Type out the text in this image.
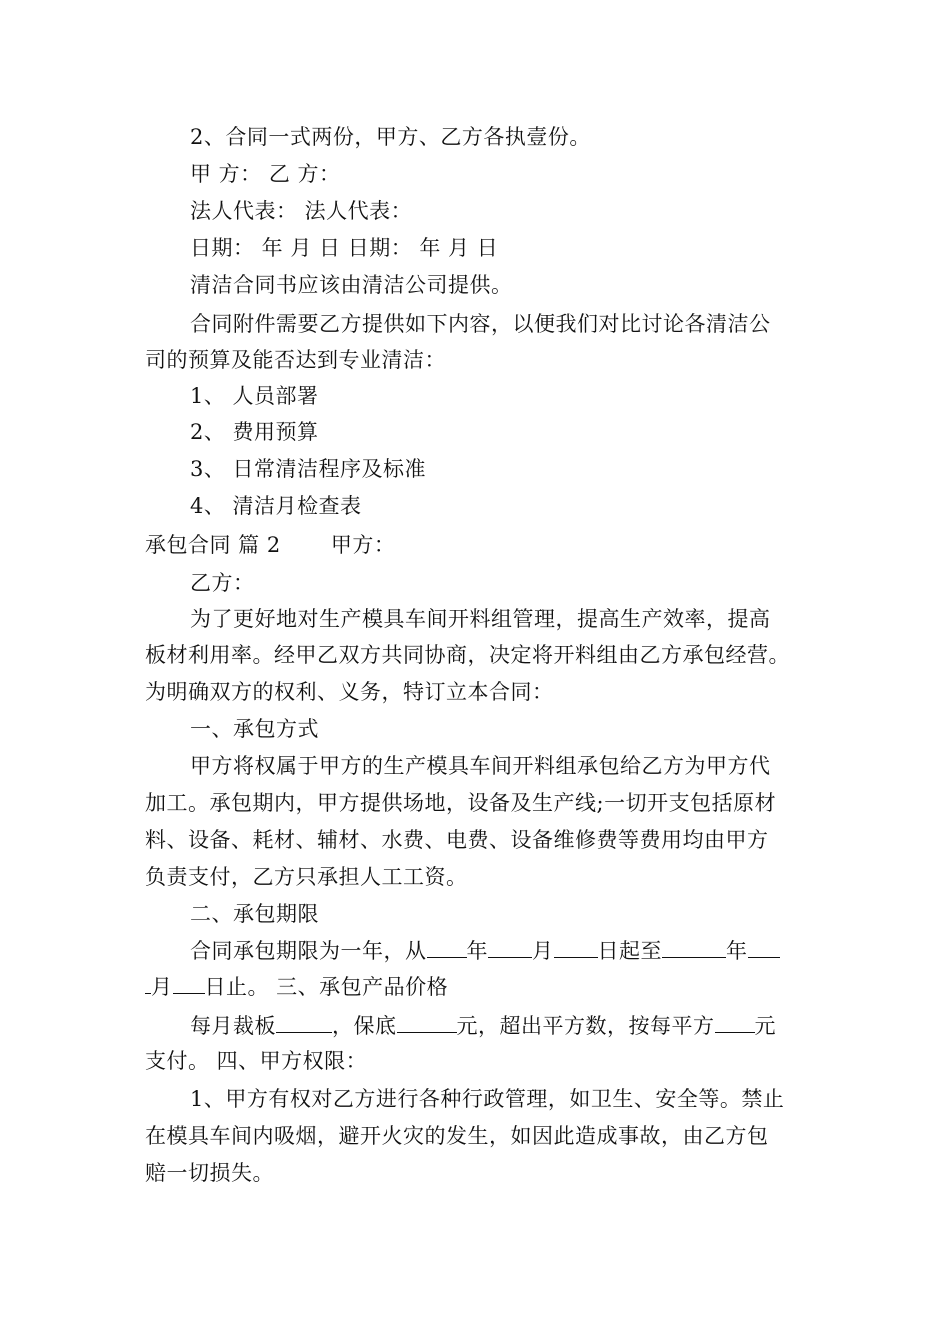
2、合同一式两份，甲方、乙方各执壹份。
甲 方： 乙 方：
法人代表： 法人代表：
日期： 年 月 日 日期： 年 月 日
清洁合同书应该由清洁公司提供。
合同附件需要乙方提供如下内容，以便我们对比讨论各清洁公
司的预算及能否达到专业清洁：
1、 人员部署
2、 费用预算
3、 日常清洁程序及标准
4、 清洁月检查表
承包合同 篇 2 　　甲方：
乙方：
为了更好地对生产模具车间开料组管理，提高生产效率，提高
板材利用率。经甲乙双方共同协商，决定将开料组由乙方承包经营。
为明确双方的权利、义务，特订立本合同：
一、承包方式
甲方将权属于甲方的生产模具车间开料组承包给乙方为甲方代
加工。承包期内，甲方提供场地，设备及生产线;一切开支包括原材
料、设备、耗材、辅材、水费、电费、设备维修费等费用均由甲方
负责支付，乙方只承担人工工资。
二、承包期限
合同承包期限为一年，从 年 月 日起至	年
月 日止。 三、承包产品价格
每月裁板	，保底	元，超出平方数，按每平方 元
支付。 四、甲方权限：
1、甲方有权对乙方进行各种行政管理，如卫生、安全等。禁止
在模具车间内吸烟，避开火灾的发生，如因此造成事故，由乙方包
赔一切损失。
